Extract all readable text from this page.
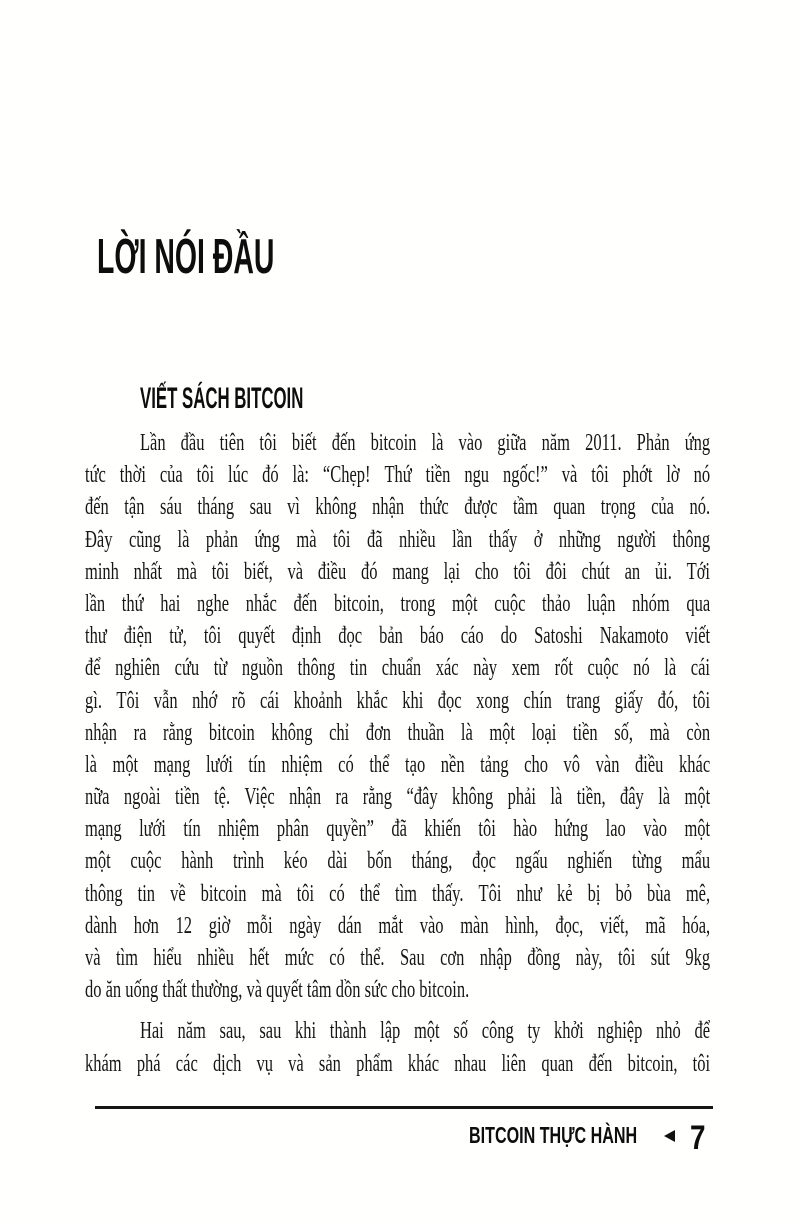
LỜI NÓI ĐẦU
VIẾT SÁCH BITCOIN
Lần đầu tiên tôi biết đến bitcoin là vào giữa năm 2011. Phản ứng
tức thời của tôi lúc đó là: “Chẹp! Thứ tiền ngu ngốc!” và tôi phớt lờ nó
đến tận sáu tháng sau vì không nhận thức được tầm quan trọng của nó.
Đây cũng là phản ứng mà tôi đã nhiều lần thấy ở những người thông
minh nhất mà tôi biết, và điều đó mang lại cho tôi đôi chút an ủi. Tới
lần thứ hai nghe nhắc đến bitcoin, trong một cuộc thảo luận nhóm qua
thư điện tử, tôi quyết định đọc bản báo cáo do Satoshi Nakamoto viết
để nghiên cứu từ nguồn thông tin chuẩn xác này xem rốt cuộc nó là cái
gì. Tôi vẫn nhớ rõ cái khoảnh khắc khi đọc xong chín trang giấy đó, tôi
nhận ra rằng bitcoin không chỉ đơn thuần là một loại tiền số, mà còn
là một mạng lưới tín nhiệm có thể tạo nền tảng cho vô vàn điều khác
nữa ngoài tiền tệ. Việc nhận ra rằng “đây không phải là tiền, đây là một
mạng lưới tín nhiệm phân quyền” đã khiến tôi hào hứng lao vào một
một cuộc hành trình kéo dài bốn tháng, đọc ngấu nghiến từng mẩu
thông tin về bitcoin mà tôi có thể tìm thấy. Tôi như kẻ bị bỏ bùa mê,
dành hơn 12 giờ mỗi ngày dán mắt vào màn hình, đọc, viết, mã hóa,
và tìm hiểu nhiều hết mức có thể. Sau cơn nhập đồng này, tôi sút 9kg
do ăn uống thất thường, và quyết tâm dồn sức cho bitcoin.
Hai năm sau, sau khi thành lập một số công ty khởi nghiệp nhỏ để
khám phá các dịch vụ và sản phẩm khác nhau liên quan đến bitcoin, tôi
BITCOIN THỰC HÀNH 7
